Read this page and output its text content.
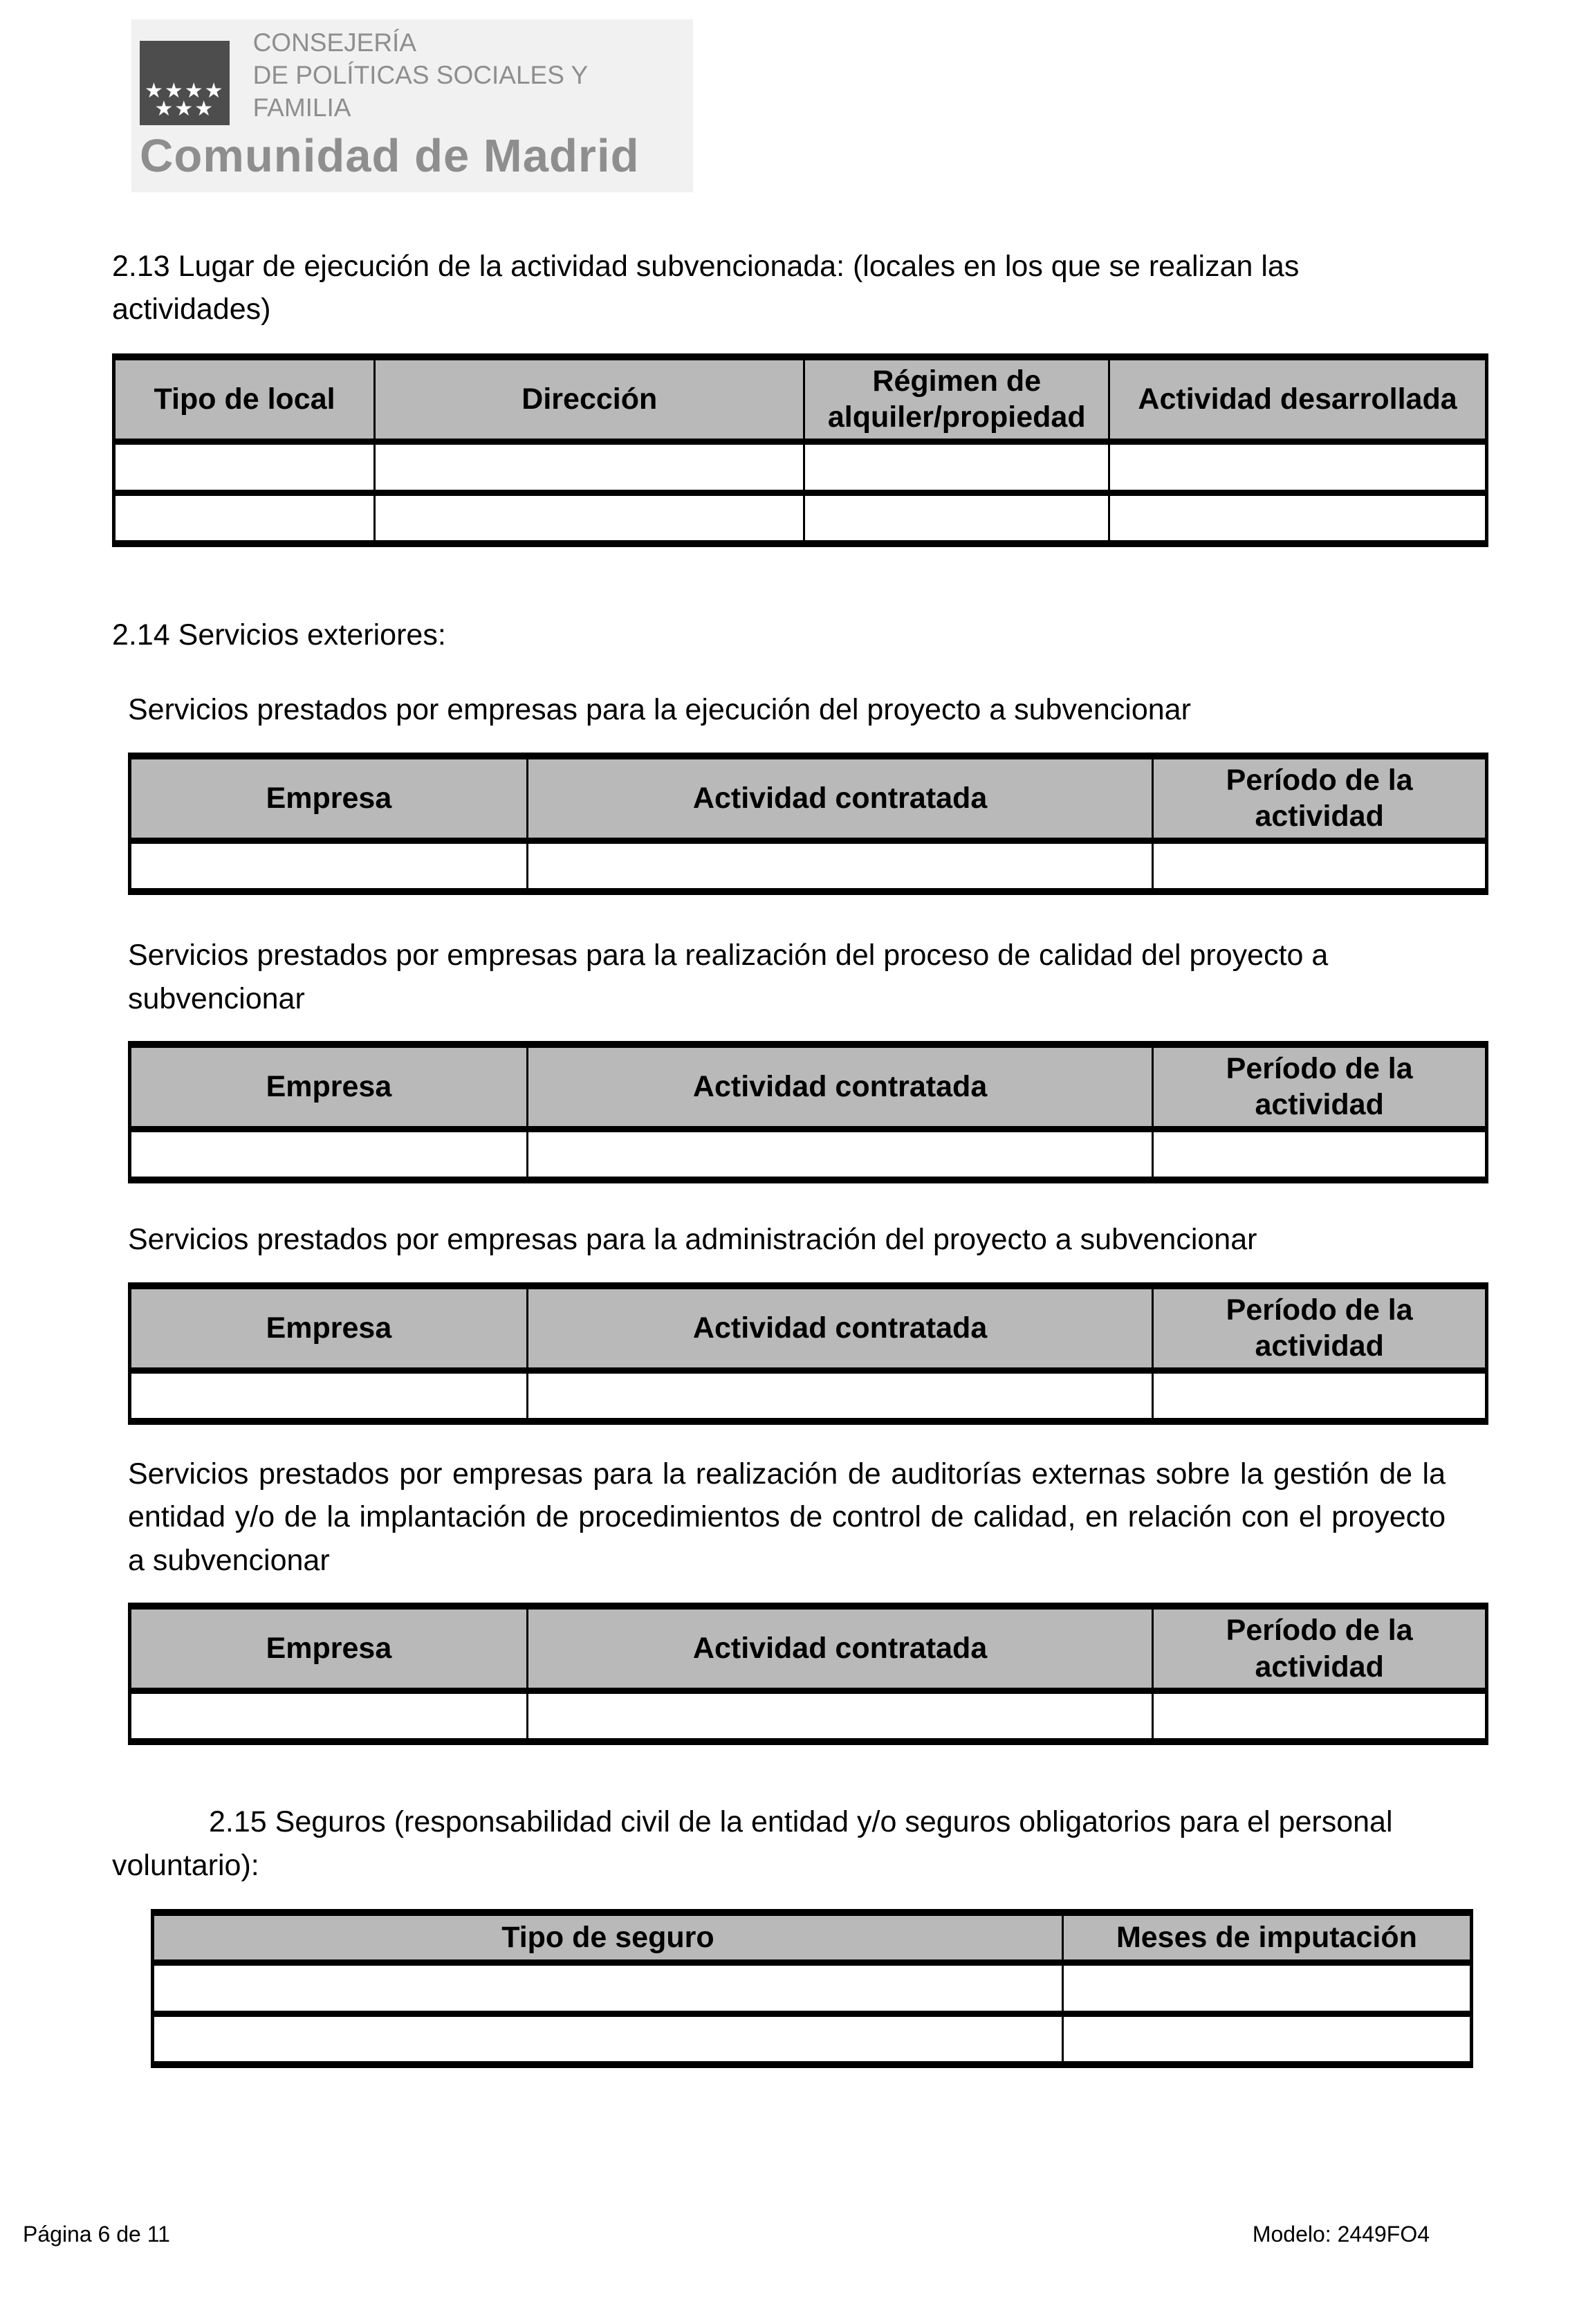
★★★★
★★★
CONSEJERÍA
DE POLÍTICAS SOCIALES Y FAMILIA
Comunidad de Madrid

2.13 Lugar de ejecución de la actividad subvencionada: (locales en los que se realizan las actividades)

Tipo de local	Dirección	Régimen de alquiler/propiedad	Actividad desarrollada

2.14 Servicios exteriores:

Servicios prestados por empresas para la ejecución del proyecto a subvencionar

Empresa	Actividad contratada	Período de la actividad

Servicios prestados por empresas para la realización del proceso de calidad del proyecto a subvencionar

Empresa	Actividad contratada	Período de la actividad

Servicios prestados por empresas para la administración del proyecto a subvencionar

Empresa	Actividad contratada	Período de la actividad

Servicios prestados por empresas para la realización de auditorías externas sobre la gestión de la entidad y/o de la implantación de procedimientos de control de calidad, en relación con el proyecto a subvencionar

Empresa	Actividad contratada	Período de la actividad

2.15 Seguros (responsabilidad civil de la entidad y/o seguros obligatorios para el personal voluntario):

Tipo de seguro	Meses de imputación

Página 6 de 11	Modelo: 2449FO4
